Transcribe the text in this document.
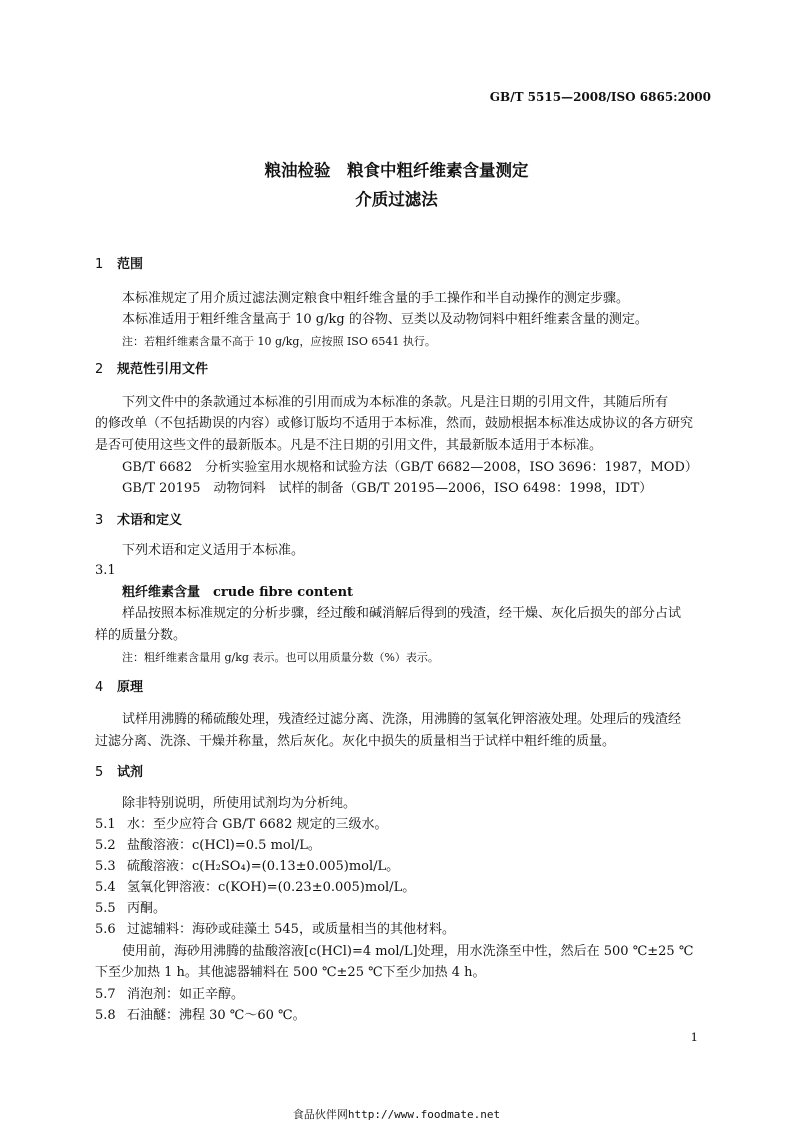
GB/T 5515—2008/ISO 6865:2000
粮油检验　粮食中粗纤维素含量测定
介质过滤法
1 范围
本标准规定了用介质过滤法测定粮食中粗纤维含量的手工操作和半自动操作的测定步骤。
本标准适用于粗纤维含量高于 10 g/kg 的谷物、豆类以及动物饲料中粗纤维素含量的测定。
注：若粗纤维素含量不高于 10 g/kg，应按照 ISO 6541 执行。
2 规范性引用文件
下列文件中的条款通过本标准的引用而成为本标准的条款。凡是注日期的引用文件，其随后所有
的修改单（不包括勘误的内容）或修订版均不适用于本标准，然而，鼓励根据本标准达成协议的各方研究
是否可使用这些文件的最新版本。凡是不注日期的引用文件，其最新版本适用于本标准。
GB/T 6682　分析实验室用水规格和试验方法（GB/T 6682—2008，ISO 3696：1987，MOD）
GB/T 20195　动物饲料　试样的制备（GB/T 20195—2006，ISO 6498：1998，IDT）
3 术语和定义
下列术语和定义适用于本标准。
3.1
粗纤维素含量　crude fibre content
样品按照本标准规定的分析步骤，经过酸和碱消解后得到的残渣，经干燥、灰化后损失的部分占试
样的质量分数。
注：粗纤维素含量用 g/kg 表示。也可以用质量分数（%）表示。
4 原理
试样用沸腾的稀硫酸处理，残渣经过滤分离、洗涤，用沸腾的氢氧化钾溶液处理。处理后的残渣经
过滤分离、洗涤、干燥并称量，然后灰化。灰化中损失的质量相当于试样中粗纤维的质量。
5 试剂
除非特别说明，所使用试剂均为分析纯。
5.1 水：至少应符合 GB/T 6682 规定的三级水。
5.2 盐酸溶液：c(HCl)=0.5 mol/L。
5.3 硫酸溶液：c(H₂SO₄)=(0.13±0.005)mol/L。
5.4 氢氧化钾溶液：c(KOH)=(0.23±0.005)mol/L。
5.5 丙酮。
5.6 过滤辅料：海砂或硅藻土 545，或质量相当的其他材料。
使用前，海砂用沸腾的盐酸溶液[c(HCl)=4 mol/L]处理，用水洗涤至中性，然后在 500 ℃±25 ℃
下至少加热 1 h。其他滤器辅料在 500 ℃±25 ℃下至少加热 4 h。
5.7 消泡剂：如正辛醇。
5.8 石油醚：沸程 30 ℃～60 ℃。
1
食品伙伴网http://www.foodmate.net
